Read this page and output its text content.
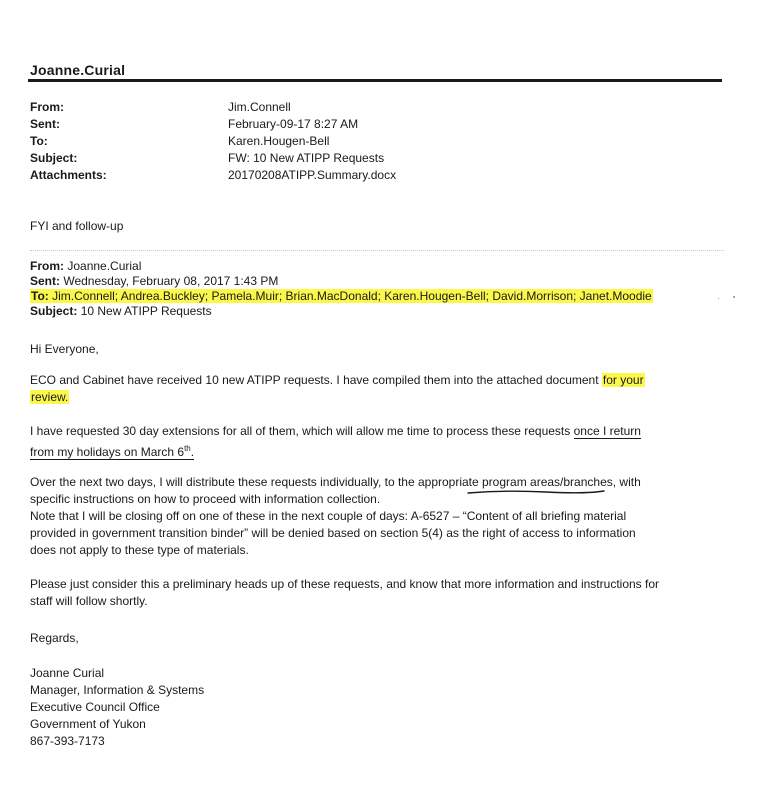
Joanne.Curial
From:	Jim.Connell
Sent:	February-09-17 8:27 AM
To:	Karen.Hougen-Bell
Subject:	FW: 10 New ATIPP Requests
Attachments:	20170208ATIPP.Summary.docx
FYI and follow-up
From: Joanne.Curial
Sent: Wednesday, February 08, 2017 1:43 PM
To: Jim.Connell; Andrea.Buckley; Pamela.Muir; Brian.MacDonald; Karen.Hougen-Bell; David.Morrison; Janet.Moodie
Subject: 10 New ATIPP Requests
Hi Everyone,
ECO and Cabinet have received 10 new ATIPP requests. I have compiled them into the attached document for your
review.
I have requested 30 day extensions for all of them, which will allow me time to process these requests once I return
from my holidays on March 6th.
Over the next two days, I will distribute these requests individually, to the appropriate program areas/branches, with
specific instructions on how to proceed with information collection.
Note that I will be closing off on one of these in the next couple of days: A-6527 – “Content of all briefing material
provided in government transition binder” will be denied based on section 5(4) as the right of access to information
does not apply to these type of materials.
Please just consider this a preliminary heads up of these requests, and know that more information and instructions for
staff will follow shortly.
Regards,
Joanne Curial
Manager, Information & Systems
Executive Council Office
Government of Yukon
867-393-7173
